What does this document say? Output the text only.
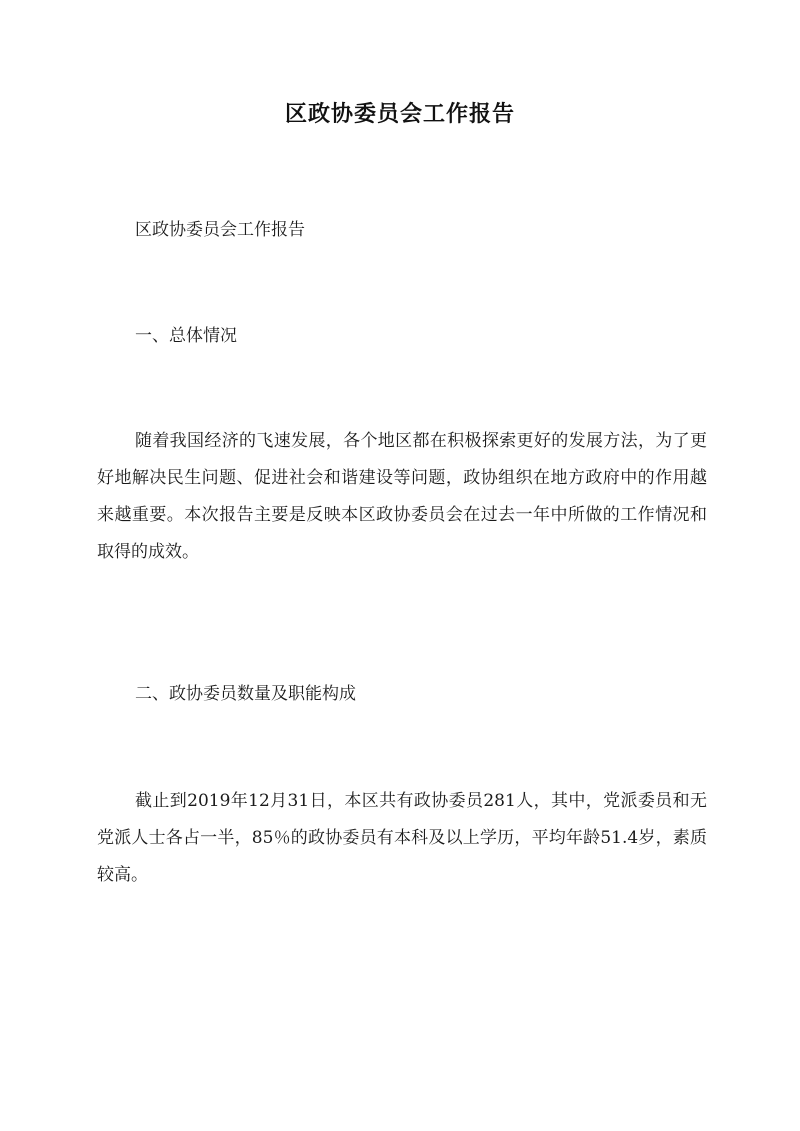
区政协委员会工作报告
区政协委员会工作报告
一、总体情况
随着我国经济的飞速发展，各个地区都在积极探索更好的发展方法，为了更好地解决民生问题、促进社会和谐建设等问题，政协组织在地方政府中的作用越来越重要。本次报告主要是反映本区政协委员会在过去一年中所做的工作情况和取得的成效。
二、政协委员数量及职能构成
截止到2019年12月31日，本区共有政协委员281人，其中，党派委员和无党派人士各占一半，85％的政协委员有本科及以上学历，平均年龄51.4岁，素质较高。
